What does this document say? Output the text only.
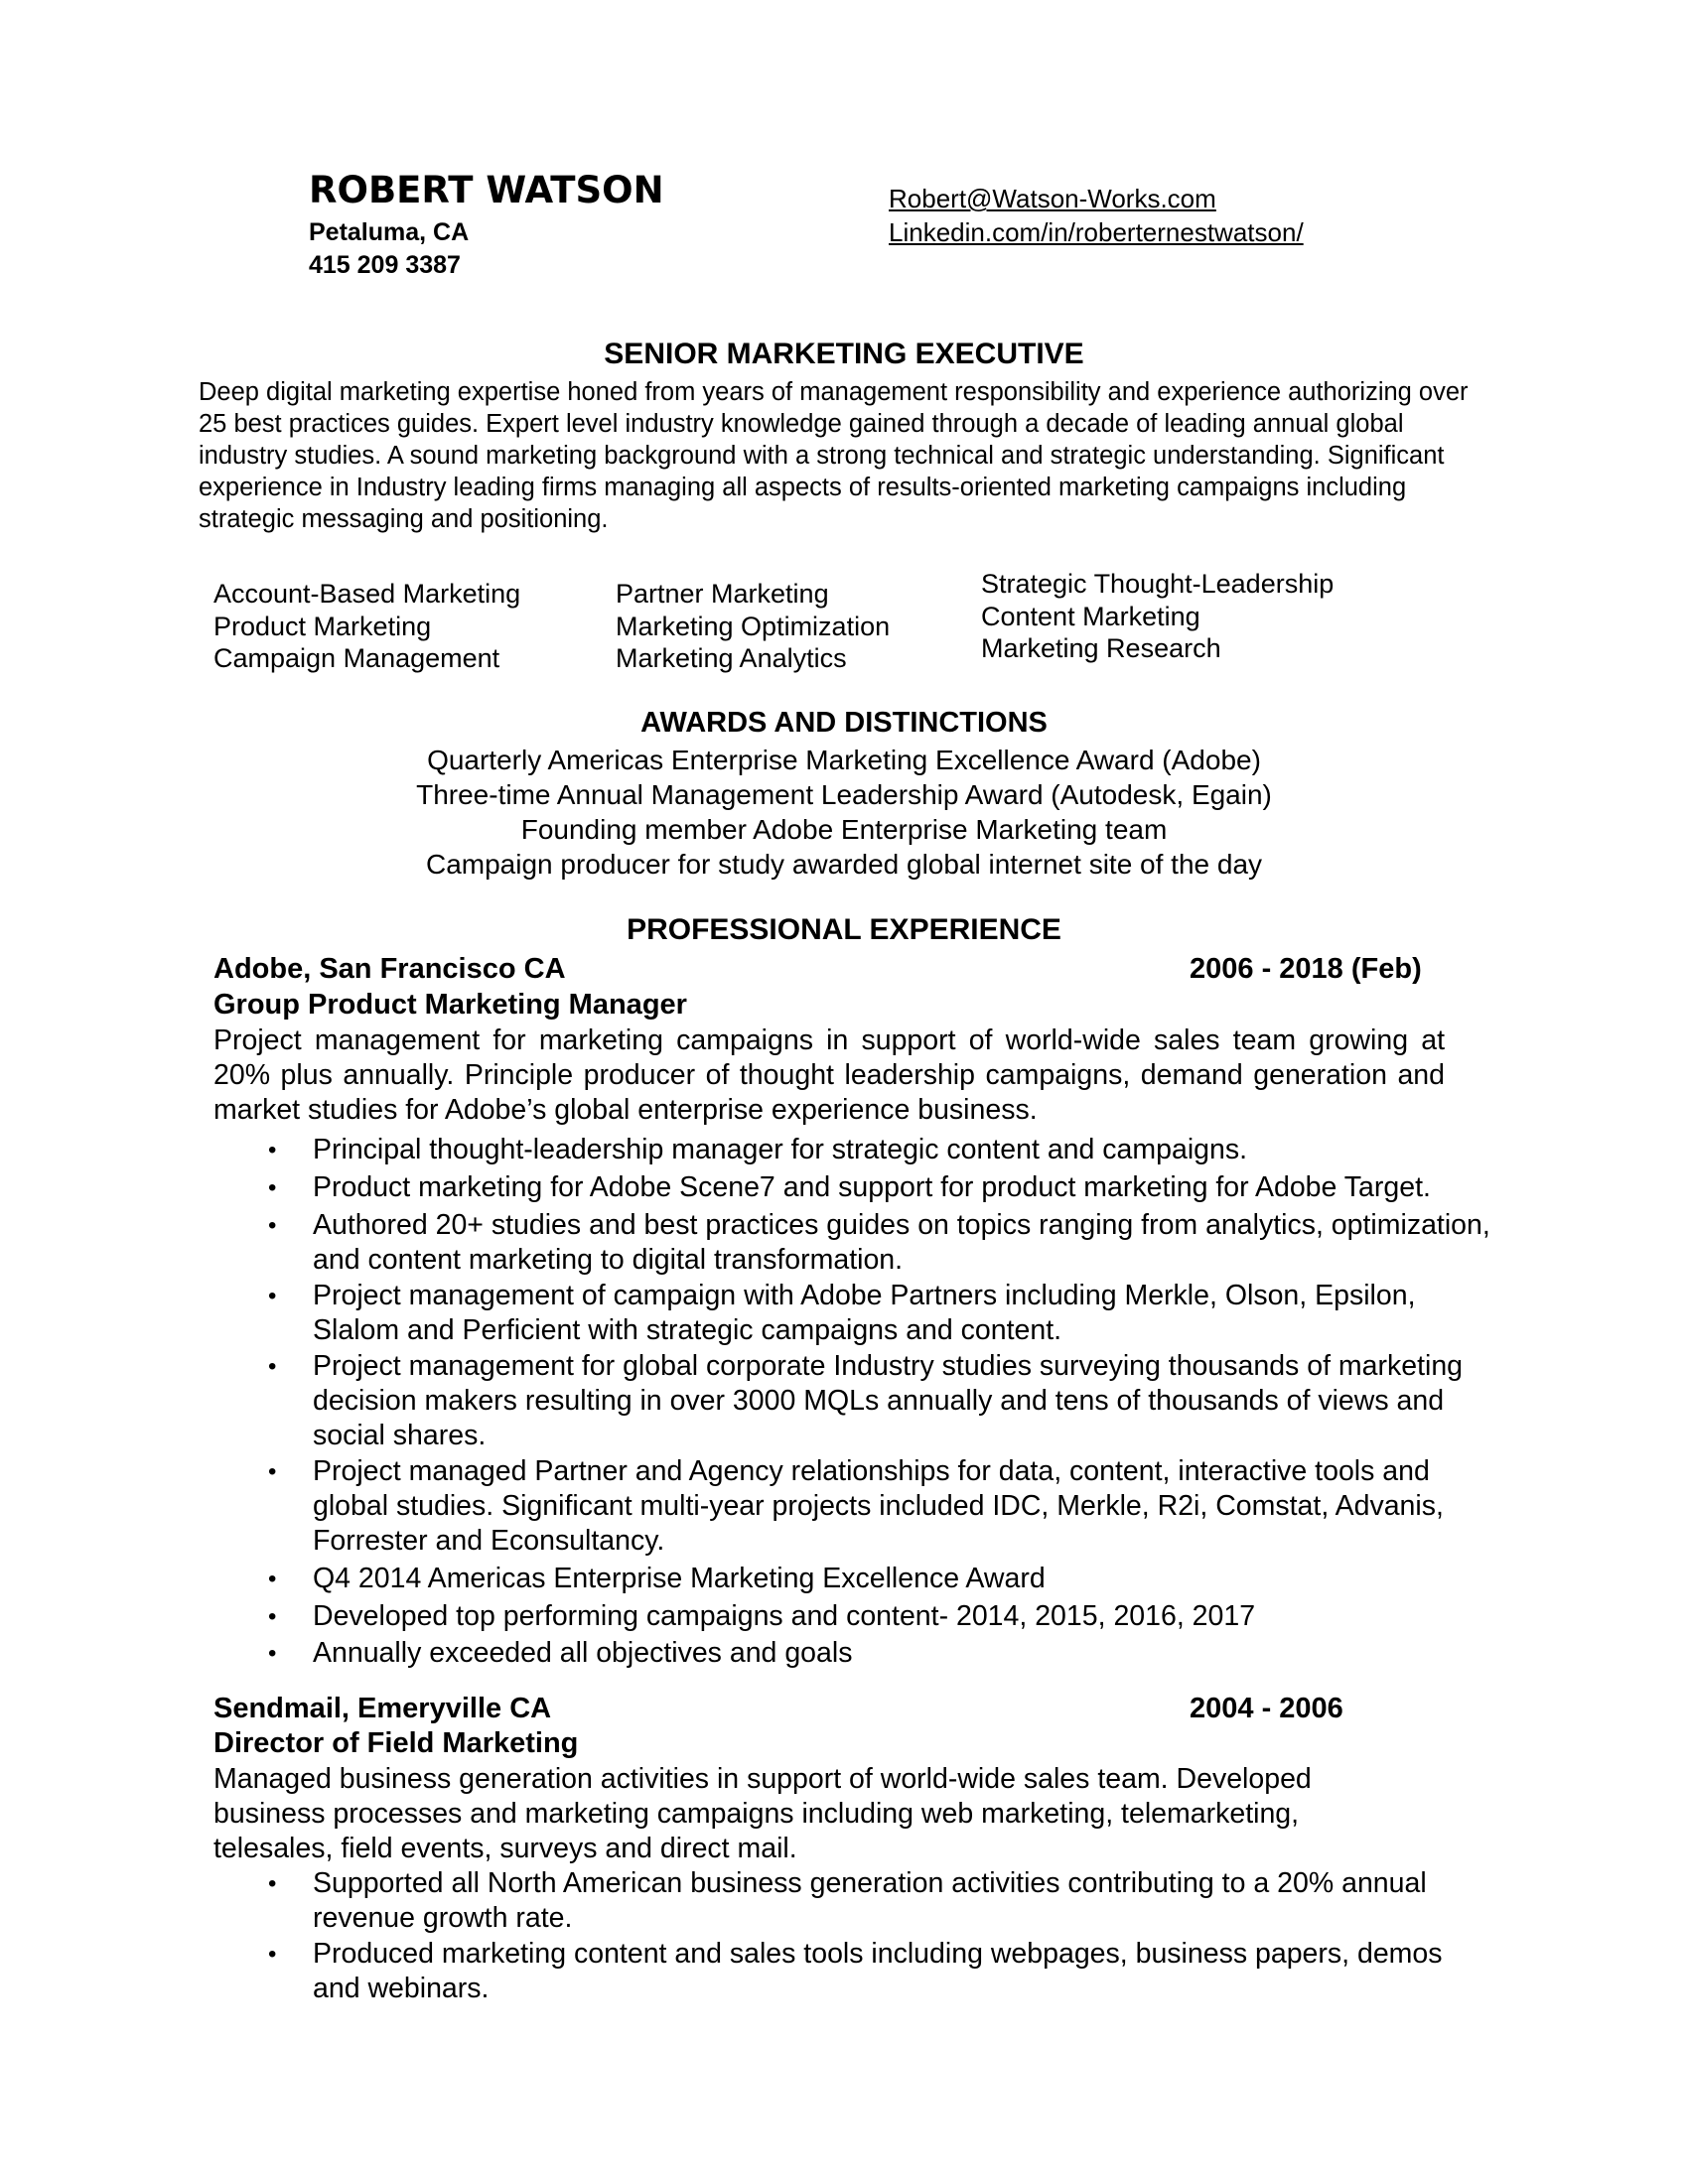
ROBERT WATSON
Petaluma, CA
415 209 3387
Robert@Watson-Works.com
Linkedin.com/in/roberternestwatson/
SENIOR MARKETING EXECUTIVE

Deep digital marketing expertise honed from years of management responsibility and experience authorizing over 25 best practices guides. Expert level industry knowledge gained through a decade of leading annual global industry studies. A sound marketing background with a strong technical and strategic understanding. Significant experience in Industry leading firms managing all aspects of results-oriented marketing campaigns including strategic messaging and positioning.

Account-Based Marketing
Product Marketing
Campaign Management
Partner Marketing
Marketing Optimization
Marketing Analytics
Strategic Thought-Leadership
Content Marketing
Marketing Research
AWARDS AND DISTINCTIONS
Quarterly Americas Enterprise Marketing Excellence Award (Adobe)
Three-time Annual Management Leadership Award (Autodesk, Egain)
Founding member Adobe Enterprise Marketing team
Campaign producer for study awarded global internet site of the day
PROFESSIONAL EXPERIENCE
Adobe, San Francisco CA	2006 - 2018 (Feb)
Group Product Marketing Manager

Project management for marketing campaigns in support of world-wide sales team growing at 20% plus annually. Principle producer of thought leadership campaigns, demand generation and market studies for Adobe’s global enterprise experience business.

• Principal thought-leadership manager for strategic content and campaigns.
• Product marketing for Adobe Scene7 and support for product marketing for Adobe Target.
• Authored 20+ studies and best practices guides on topics ranging from analytics, optimization, and content marketing to digital transformation.
• Project management of campaign with Adobe Partners including Merkle, Olson, Epsilon, Slalom and Perficient with strategic campaigns and content.
• Project management for global corporate Industry studies surveying thousands of marketing decision makers resulting in over 3000 MQLs annually and tens of thousands of views and social shares.
• Project managed Partner and Agency relationships for data, content, interactive tools and global studies. Significant multi-year projects included IDC, Merkle, R2i, Comstat, Advanis, Forrester and Econsultancy.
• Q4 2014 Americas Enterprise Marketing Excellence Award
• Developed top performing campaigns and content- 2014, 2015, 2016, 2017
• Annually exceeded all objectives and goals
Sendmail, Emeryville CA	2004 - 2006
Director of Field Marketing

Managed business generation activities in support of world-wide sales team. Developed business processes and marketing campaigns including web marketing, telemarketing, telesales, field events, surveys and direct mail.

• Supported all North American business generation activities contributing to a 20% annual revenue growth rate.
• Produced marketing content and sales tools including webpages, business papers, demos and webinars.
